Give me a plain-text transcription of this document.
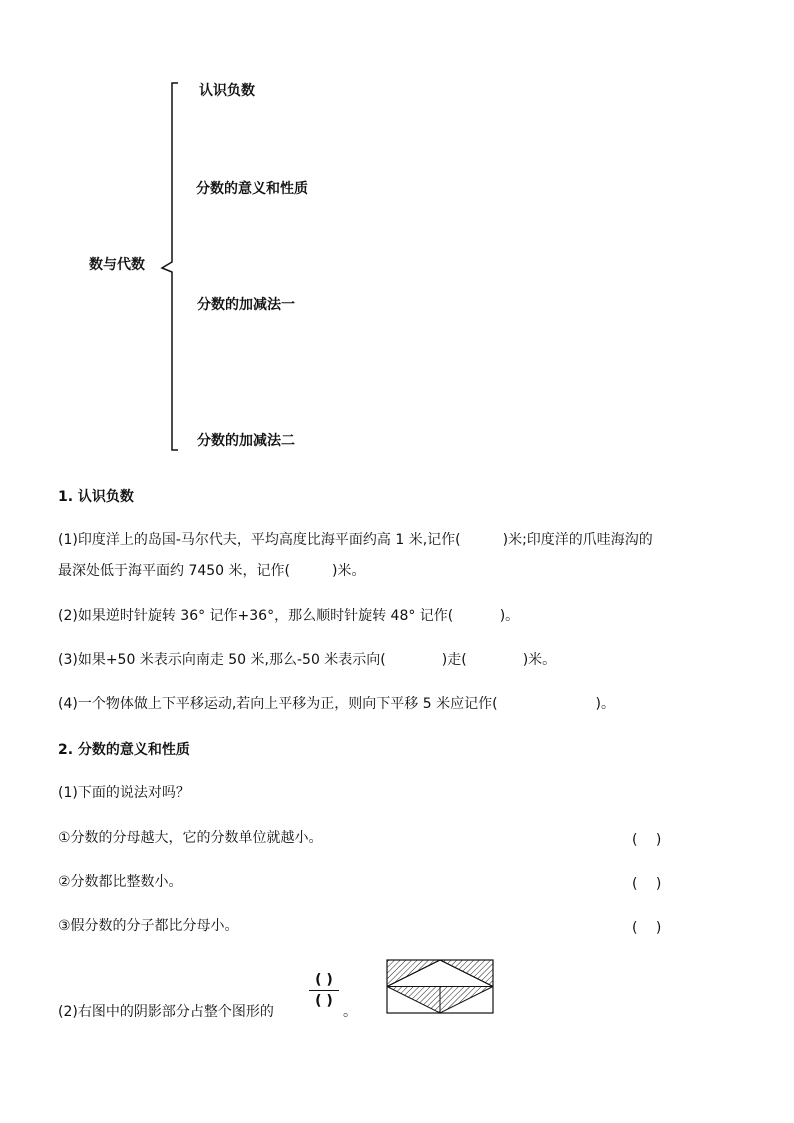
数与代数
认识负数
分数的意义和性质
分数的加减法一
分数的加减法二
1. 认识负数
(1)印度洋上的岛国-马尔代夫，平均高度比海平面约高 1 米,记作(　　　)米;印度洋的爪哇海沟的
最深处低于海平面约 7450 米，记作(　　　)米。
(2)如果逆时针旋转 36° 记作+36°，那么顺时针旋转 48° 记作(　　　 )。
(3)如果+50 米表示向南走 50 米,那么-50 米表示向(　　　　)走(　　　　)米。
(4)一个物体做上下平移运动,若向上平移为正，则向下平移 5 米应记作(　　　　　　　)。
2. 分数的意义和性质
(1)下面的说法对吗？
①分数的分母越大，它的分数单位就越小。	(　 )
②分数都比整数小。	(　 )
③假分数的分子都比分母小。	(　 )
(2)右图中的阴影部分占整个图形的
( )
( )
。
